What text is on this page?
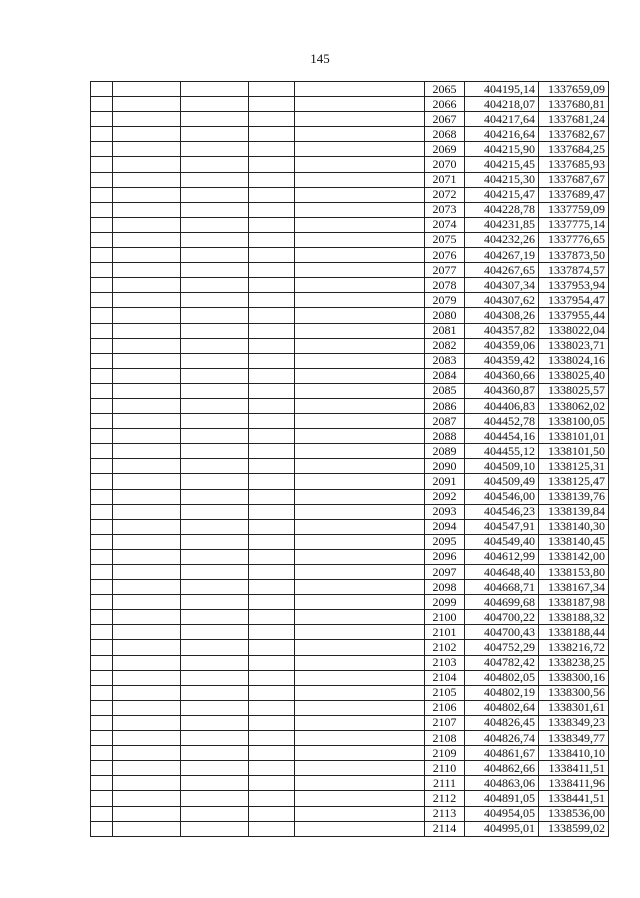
145
					2065	404195,14	1337659,09
					2066	404218,07	1337680,81
					2067	404217,64	1337681,24
					2068	404216,64	1337682,67
					2069	404215,90	1337684,25
					2070	404215,45	1337685,93
					2071	404215,30	1337687,67
					2072	404215,47	1337689,47
					2073	404228,78	1337759,09
					2074	404231,85	1337775,14
					2075	404232,26	1337776,65
					2076	404267,19	1337873,50
					2077	404267,65	1337874,57
					2078	404307,34	1337953,94
					2079	404307,62	1337954,47
					2080	404308,26	1337955,44
					2081	404357,82	1338022,04
					2082	404359,06	1338023,71
					2083	404359,42	1338024,16
					2084	404360,66	1338025,40
					2085	404360,87	1338025,57
					2086	404406,83	1338062,02
					2087	404452,78	1338100,05
					2088	404454,16	1338101,01
					2089	404455,12	1338101,50
					2090	404509,10	1338125,31
					2091	404509,49	1338125,47
					2092	404546,00	1338139,76
					2093	404546,23	1338139,84
					2094	404547,91	1338140,30
					2095	404549,40	1338140,45
					2096	404612,99	1338142,00
					2097	404648,40	1338153,80
					2098	404668,71	1338167,34
					2099	404699,68	1338187,98
					2100	404700,22	1338188,32
					2101	404700,43	1338188,44
					2102	404752,29	1338216,72
					2103	404782,42	1338238,25
					2104	404802,05	1338300,16
					2105	404802,19	1338300,56
					2106	404802,64	1338301,61
					2107	404826,45	1338349,23
					2108	404826,74	1338349,77
					2109	404861,67	1338410,10
					2110	404862,66	1338411,51
					2111	404863,06	1338411,96
					2112	404891,05	1338441,51
					2113	404954,05	1338536,00
					2114	404995,01	1338599,02
